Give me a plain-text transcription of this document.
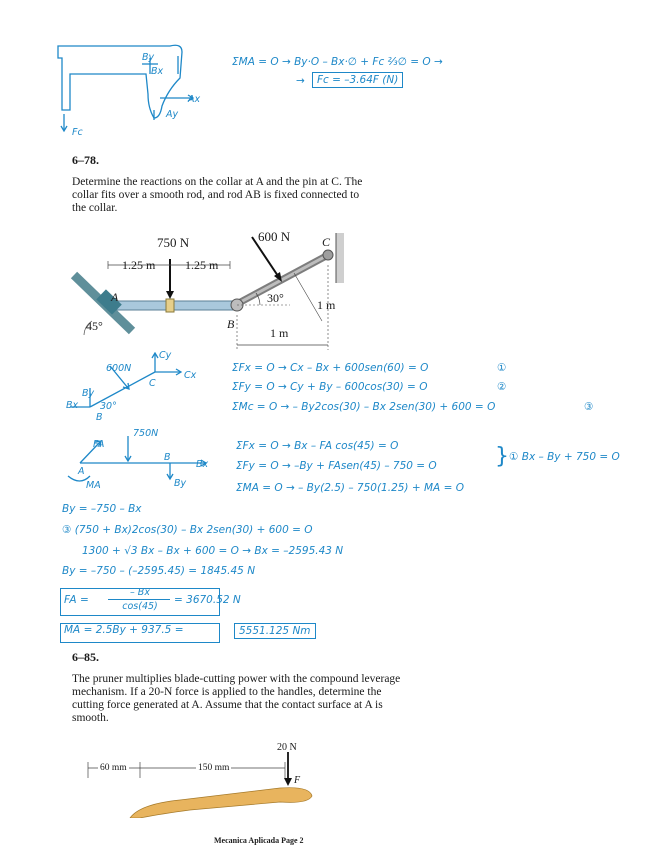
Fc
Bx
By
Ay
Ax
ΣMA = O → By·O – Bx·∅ + Fc ⅔∅ = O →
→	Fc = –3.64F (N)
6–78.
Determine the reactions on the collar at A and the pin at C. The collar fits over a smooth rod, and rod AB is fixed connected to the collar.
750 N	600 N
1.25 m 1.25 m
A
B
C
30°
45°
1 m
1 m
600N
Cy
Cx
C
By
Bx
B
30°
ΣFx = O → Cx – Bx + 600sen(60) = O
ΣFy = O → Cy + By – 600cos(30) = O
ΣMc = O → – By2cos(30) – Bx 2sen(30) + 600 = O
①
②
③
750N
FA
A
MA
B
Bx
By
ΣFx = O → Bx – FA cos(45) = O
ΣFy = O → –By + FAsen(45) – 750 = O
ΣMA = O → – By(2.5) – 750(1.25) + MA = O
} ① Bx – By + 750 = O
By = –750 – Bx
③ (750 + Bx)2cos(30) – Bx 2sen(30) + 600 = O
1300 + √3 Bx – Bx + 600 = O → Bx = –2595.43 N
By = –750 – (–2595.45) = 1845.45 N
FA =
– Bx
cos(45)
= 3670.52 N
MA = 2.5By + 937.5 =	5551.125 Nm
6–85.
The pruner multiplies blade-cutting power with the compound leverage mechanism. If a 20-N force is applied to the handles, determine the cutting force generated at A. Assume that the contact surface at A is smooth.
20 N
60 mm	150 mm
F
Mecanica Aplicada Page 2
